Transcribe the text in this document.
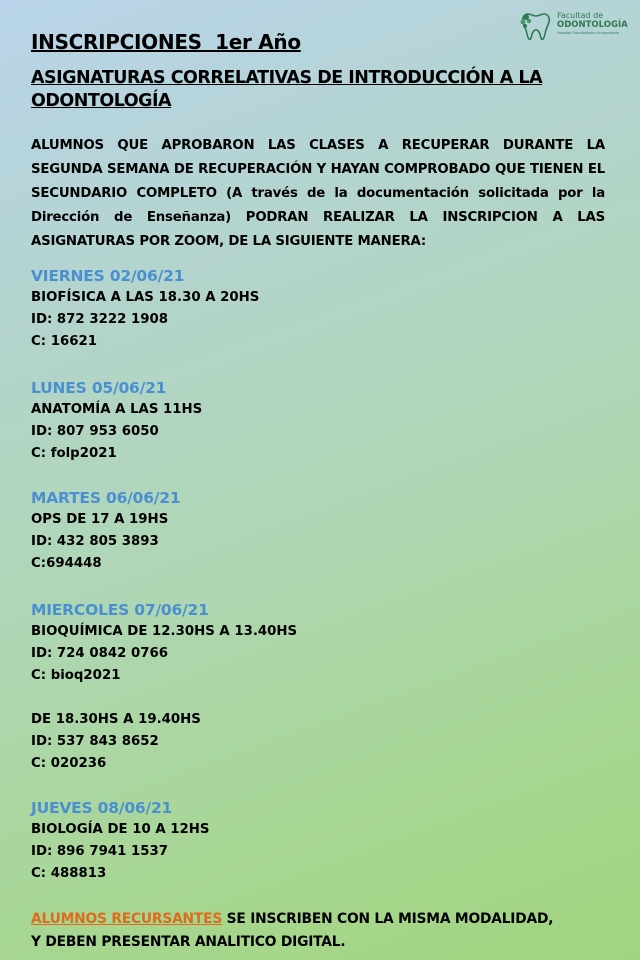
Facultad de
ODONTOLOGÍA
Hospital Odontológico Universitario
INSCRIPCIONES  1er Año
ASIGNATURAS CORRELATIVAS DE INTRODUCCIÓN A LA ODONTOLOGÍA
ALUMNOS QUE APROBARON LAS CLASES A RECUPERAR DURANTE LA SEGUNDA SEMANA DE RECUPERACIÓN Y HAYAN COMPROBADO QUE TIENEN EL SECUNDARIO COMPLETO (A través de la documentación solicitada por la Dirección de Enseñanza) PODRAN REALIZAR LA INSCRIPCION A LAS ASIGNATURAS POR ZOOM, DE LA SIGUIENTE MANERA:
VIERNES 02/06/21
BIOFÍSICA A LAS 18.30 A 20HS
ID: 872 3222 1908
C: 16621
LUNES 05/06/21
ANATOMÍA A LAS 11HS
ID: 807 953 6050
C: folp2021
MARTES 06/06/21
OPS DE 17 A 19HS
ID: 432 805 3893
C:694448
MIERCOLES 07/06/21
BIOQUÍMICA DE 12.30HS A 13.40HS
ID: 724 0842 0766
C: bioq2021
DE 18.30HS A 19.40HS
ID: 537 843 8652
C: 020236
JUEVES 08/06/21
BIOLOGÍA DE 10 A 12HS
ID: 896 7941 1537
C: 488813
ALUMNOS RECURSANTES SE INSCRIBEN CON LA MISMA MODALIDAD,
Y DEBEN PRESENTAR ANALITICO DIGITAL.
